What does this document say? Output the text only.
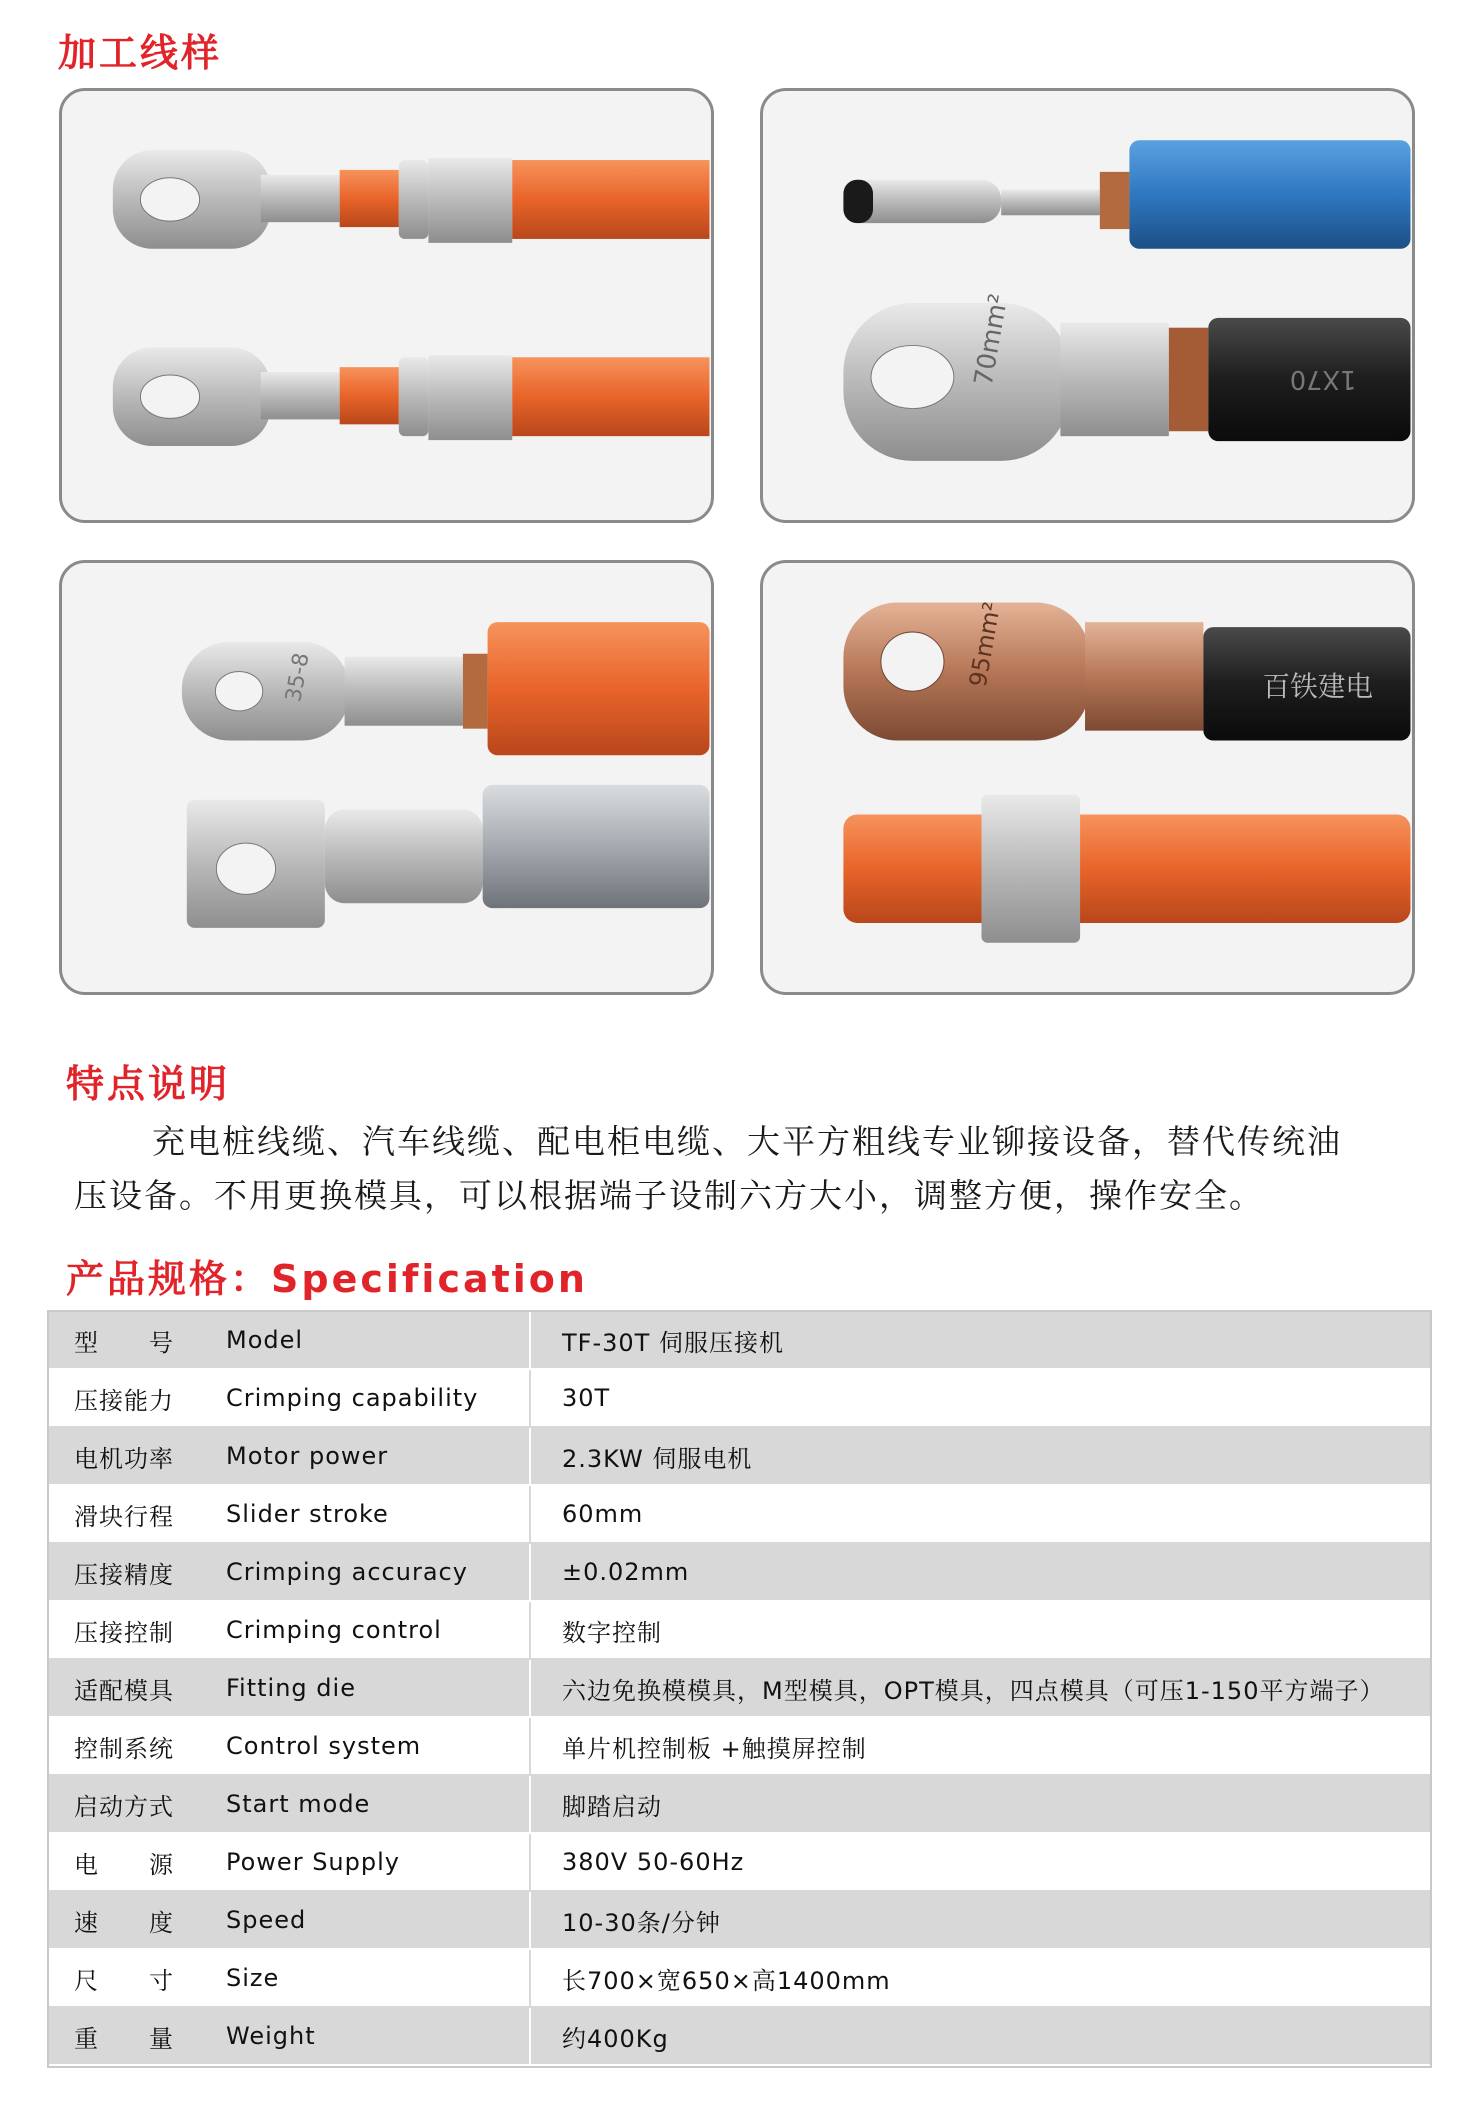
加工线样
70mm²	1X70
35-8	95mm²	百铁建电
特点说明
充电桩线缆、汽车线缆、配电柜电缆、大平方粗线专业铆接设备，替代传统油
压设备。不用更换模具，可以根据端子设制六方大小，调整方便，操作安全。
产品规格：Specification
型　　号	Model	TF-30T 伺服压接机
压接能力	Crimping capability	30T
电机功率	Motor power	2.3KW 伺服电机
滑块行程	Slider stroke	60mm
压接精度	Crimping accuracy	±0.02mm
压接控制	Crimping control	数字控制
适配模具	Fitting die	六边免换模模具，M型模具，OPT模具，四点模具（可压1-150平方端子）
控制系统	Control system	单片机控制板 +触摸屏控制
启动方式	Start mode	脚踏启动
电　　源	Power Supply	380V 50-60Hz
速　　度	Speed	10-30条/分钟
尺　　寸	Size	长700×宽650×高1400mm
重　　量	Weight	约400Kg
